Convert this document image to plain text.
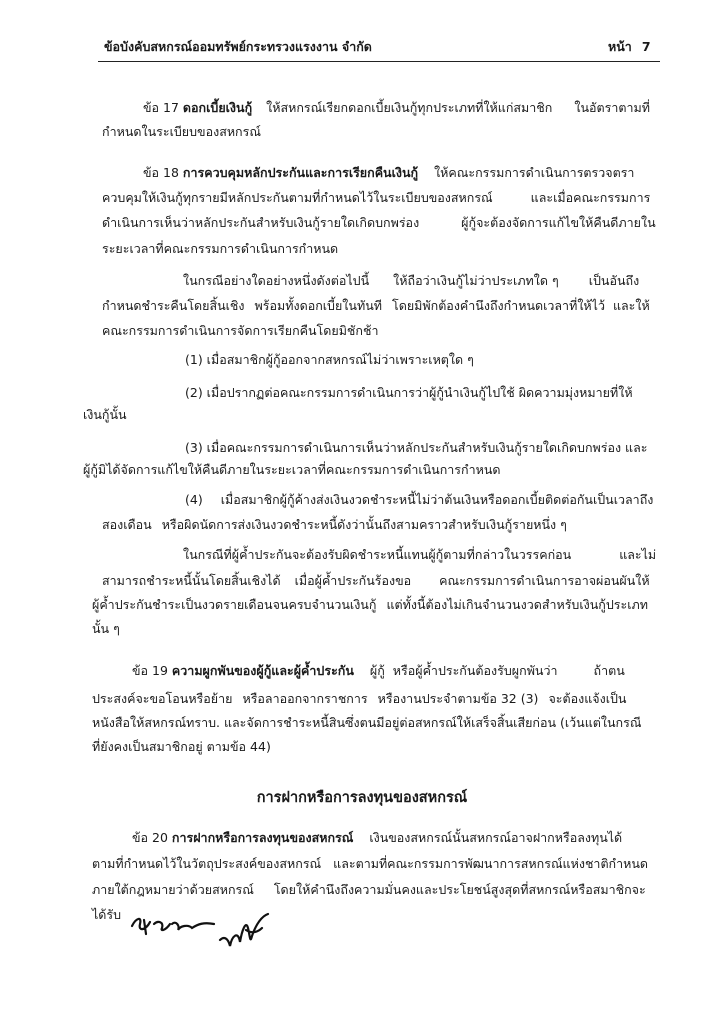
ข้อบังคับสหกรณ์ออมทรัพย์กระทรวงแรงงาน จำกัด	หน้า 7
ข้อ 17 ดอกเบี้ยเงินกู้ ให้สหกรณ์เรียกดอกเบี้ยเงินกู้ทุกประเภทที่ให้แก่สมาชิก ในอัตราตามที่
กำหนดในระเบียบของสหกรณ์
ข้อ 18 การควบคุมหลักประกันและการเรียกคืนเงินกู้ ให้คณะกรรมการดำเนินการตรวจตรา
ควบคุมให้เงินกู้ทุกรายมีหลักประกันตามที่กำหนดไว้ในระเบียบของสหกรณ์	และเมื่อคณะกรรมการ
ดำเนินการเห็นว่าหลักประกันสำหรับเงินกู้รายใดเกิดบกพร่อง	ผู้กู้จะต้องจัดการแก้ไขให้คืนดีภายใน
ระยะเวลาที่คณะกรรมการดำเนินการกำหนด
ในกรณีอย่างใดอย่างหนึ่งดังต่อไปนี้ ให้ถือว่าเงินกู้ไม่ว่าประเภทใด ๆ เป็นอันถึง
กำหนดชำระคืนโดยสิ้นเชิง พร้อมทั้งดอกเบี้ยในทันที โดยมิพักต้องคำนึงถึงกำหนดเวลาที่ให้ไว้ และให้
คณะกรรมการดำเนินการจัดการเรียกคืนโดยมิชักช้า
(1) เมื่อสมาชิกผู้กู้ออกจากสหกรณ์ไม่ว่าเพราะเหตุใด ๆ
(2) เมื่อปรากฏต่อคณะกรรมการดำเนินการว่าผู้กู้นำเงินกู้ไปใช้ ผิดความมุ่งหมายที่ให้
เงินกู้นั้น
(3) เมื่อคณะกรรมการดำเนินการเห็นว่าหลักประกันสำหรับเงินกู้รายใดเกิดบกพร่อง และ
ผู้กู้มิได้จัดการแก้ไขให้คืนดีภายในระยะเวลาที่คณะกรรมการดำเนินการกำหนด
(4) เมื่อสมาชิกผู้กู้ค้างส่งเงินงวดชำระหนี้ไม่ว่าต้นเงินหรือดอกเบี้ยติดต่อกันเป็นเวลาถึง
สองเดือน หรือผิดนัดการส่งเงินงวดชำระหนี้ดังว่านั้นถึงสามคราวสำหรับเงินกู้รายหนึ่ง ๆ
ในกรณีที่ผู้ค้ำประกันจะต้องรับผิดชำระหนี้แทนผู้กู้ตามที่กล่าวในวรรคก่อน	และไม่
สามารถชำระหนี้นั้นโดยสิ้นเชิงได้ เมื่อผู้ค้ำประกันร้องขอ คณะกรรมการดำเนินการอาจผ่อนผันให้
ผู้ค้ำประกันชำระเป็นงวดรายเดือนจนครบจำนวนเงินกู้ แต่ทั้งนี้ต้องไม่เกินจำนวนงวดสำหรับเงินกู้ประเภท
นั้น ๆ
ข้อ 19 ความผูกพันของผู้กู้และผู้ค้ำประกัน ผู้กู้ หรือผู้ค้ำประกันต้องรับผูกพันว่า	ถ้าตน
ประสงค์จะขอโอนหรือย้าย หรือลาออกจากราชการ หรืองานประจำตามข้อ 32 (3) จะต้องแจ้งเป็น
หนังสือให้สหกรณ์ทราบ. และจัดการชำระหนี้สินซึ่งตนมีอยู่ต่อสหกรณ์ให้เสร็จสิ้นเสียก่อน (เว้นแต่ในกรณี
ที่ยังคงเป็นสมาชิกอยู่ ตามข้อ 44)
การฝากหรือการลงทุนของสหกรณ์
ข้อ 20 การฝากหรือการลงทุนของสหกรณ์ เงินของสหกรณ์นั้นสหกรณ์อาจฝากหรือลงทุนได้
ตามที่กำหนดไว้ในวัตถุประสงค์ของสหกรณ์ และตามที่คณะกรรมการพัฒนาการสหกรณ์แห่งชาติกำหนด
ภายใต้กฎหมายว่าด้วยสหกรณ์ โดยให้คำนึงถึงความมั่นคงและประโยชน์สูงสุดที่สหกรณ์หรือสมาชิกจะ
ได้รับ
